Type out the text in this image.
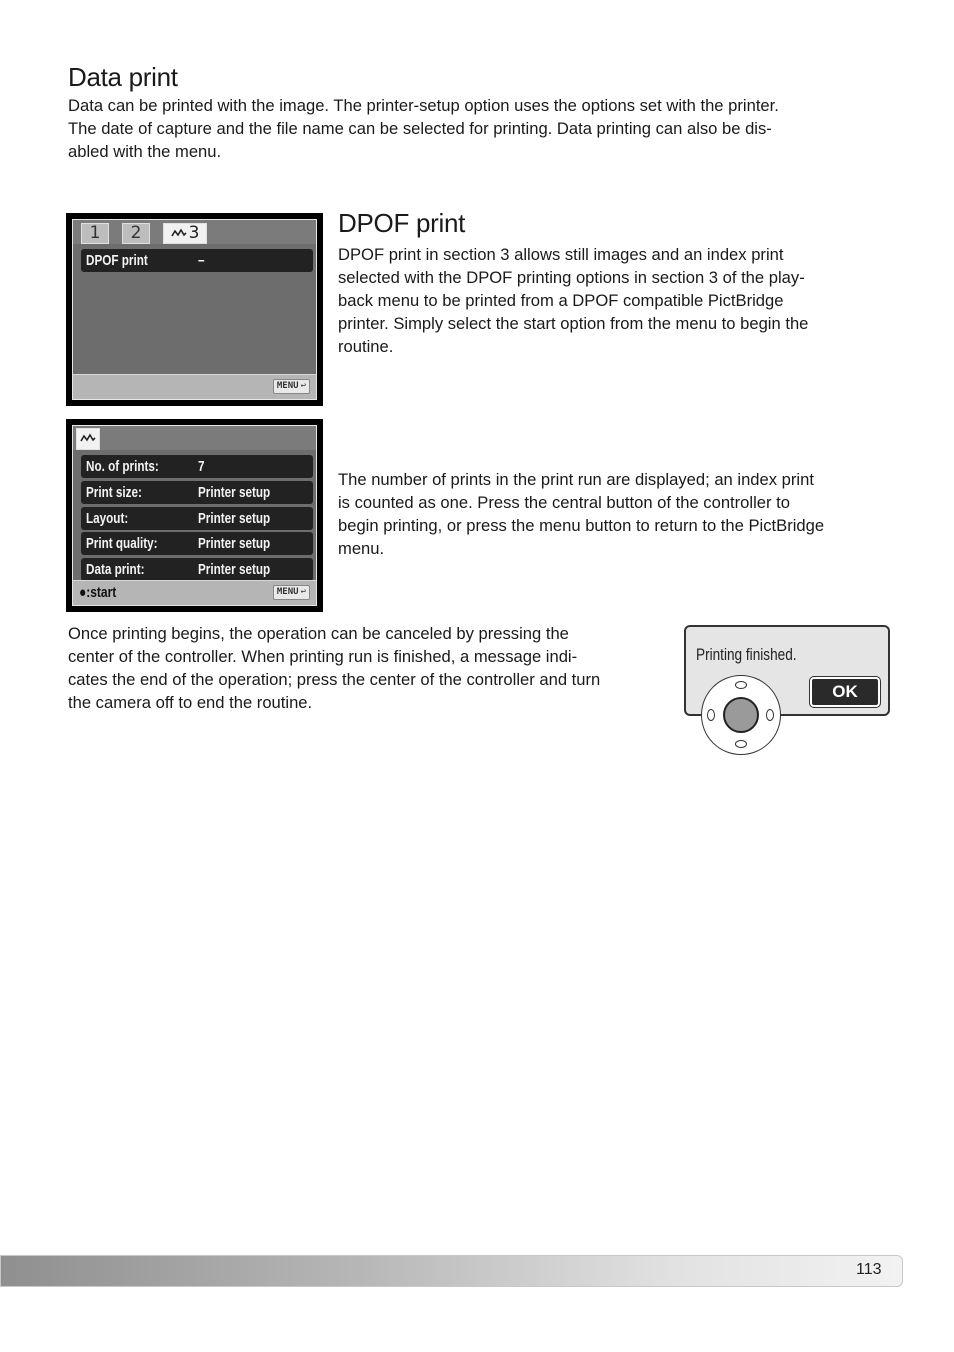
Data print
Data can be printed with the image. The printer-setup option uses the options set with the printer.
The date of capture and the file name can be selected for printing. Data printing can also be dis-
abled with the menu.
1	2	3
DPOF print	–
MENU ↩
DPOF print
DPOF print in section 3 allows still images and an index print
selected with the DPOF printing options in section 3 of the play-
back menu to be printed from a DPOF compatible PictBridge
printer. Simply select the start option from the menu to begin the
routine.
No. of prints:	7
Print size:	Printer setup
Layout:	Printer setup
Print quality:	Printer setup
Data print:	Printer setup
●:start	MENU ↩
The number of prints in the print run are displayed; an index print
is counted as one. Press the central button of the controller to
begin printing, or press the menu button to return to the PictBridge
menu.
Once printing begins, the operation can be canceled by pressing the
center of the controller. When printing run is finished, a message indi-
cates the end of the operation; press the center of the controller and turn
the camera off to end the routine.
Printing finished.
OK
113
